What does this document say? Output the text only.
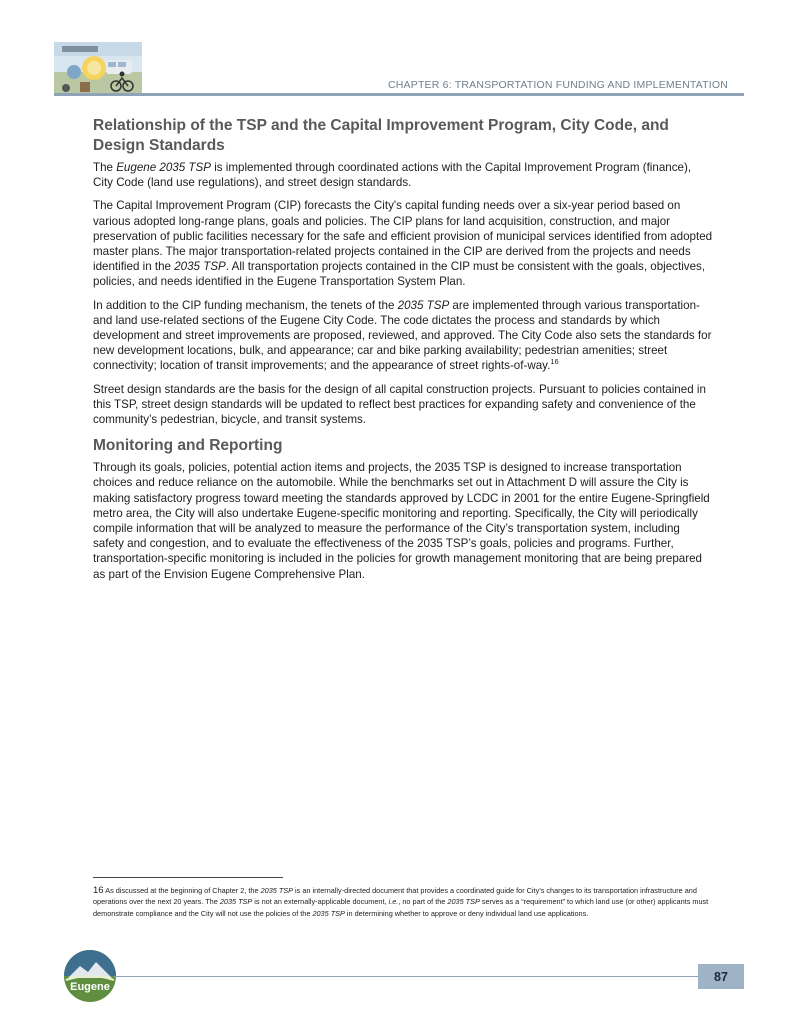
CHAPTER 6: TRANSPORTATION FUNDING AND IMPLEMENTATION
Relationship of the TSP and the Capital Improvement Program, City Code, and Design Standards

The Eugene 2035 TSP is implemented through coordinated actions with the Capital Improvement Program (finance), City Code (land use regulations), and street design standards.

The Capital Improvement Program (CIP) forecasts the City's capital funding needs over a six-year period based on various adopted long-range plans, goals and policies. The CIP plans for land acquisition, construction, and major preservation of public facilities necessary for the safe and efficient provision of municipal services identified from adopted master plans. The major transportation-related projects contained in the CIP are derived from the projects and needs identified in the 2035 TSP. All transportation projects contained in the CIP must be consistent with the goals, objectives, policies, and needs identified in the Eugene Transportation System Plan.

In addition to the CIP funding mechanism, the tenets of the 2035 TSP are implemented through various transportation- and land use-related sections of the Eugene City Code. The code dictates the process and standards by which development and street improvements are proposed, reviewed, and approved. The City Code also sets the standards for new development locations, bulk, and appearance; car and bike parking availability; pedestrian amenities; street connectivity; location of transit improvements; and the appearance of street rights-of-way.$^{16}$

Street design standards are the basis for the design of all capital construction projects. Pursuant to policies contained in this TSP, street design standards will be updated to reflect best practices for expanding safety and convenience of the community’s pedestrian, bicycle, and transit systems.

Monitoring and Reporting

Through its goals, policies, potential action items and projects, the 2035 TSP is designed to increase transportation choices and reduce reliance on the automobile. While the benchmarks set out in Attachment D will assure the City is making satisfactory progress toward meeting the standards approved by LCDC in 2001 for the entire Eugene-Springfield metro area, the City will also undertake Eugene-specific monitoring and reporting. Specifically, the City will periodically compile information that will be analyzed to measure the performance of the City’s transportation system, including safety and congestion, and to evaluate the effectiveness of the 2035 TSP’s goals, policies and programs. Further, transportation-specific monitoring is included in the policies for growth management monitoring that are being prepared as part of the Envision Eugene Comprehensive Plan.

16 As discussed at the beginning of Chapter 2, the 2035 TSP is an internally-directed document that provides a coordinated guide for City’s changes to its transportation infrastructure and operations over the next 20 years. The 2035 TSP is not an externally-applicable document, i.e., no part of the 2035 TSP serves as a “requirement” to which land use (or other) applicants must demonstrate compliance and the City will not use the policies of the 2035 TSP in determining whether to approve or deny individual land use applications.
Eugene
87
